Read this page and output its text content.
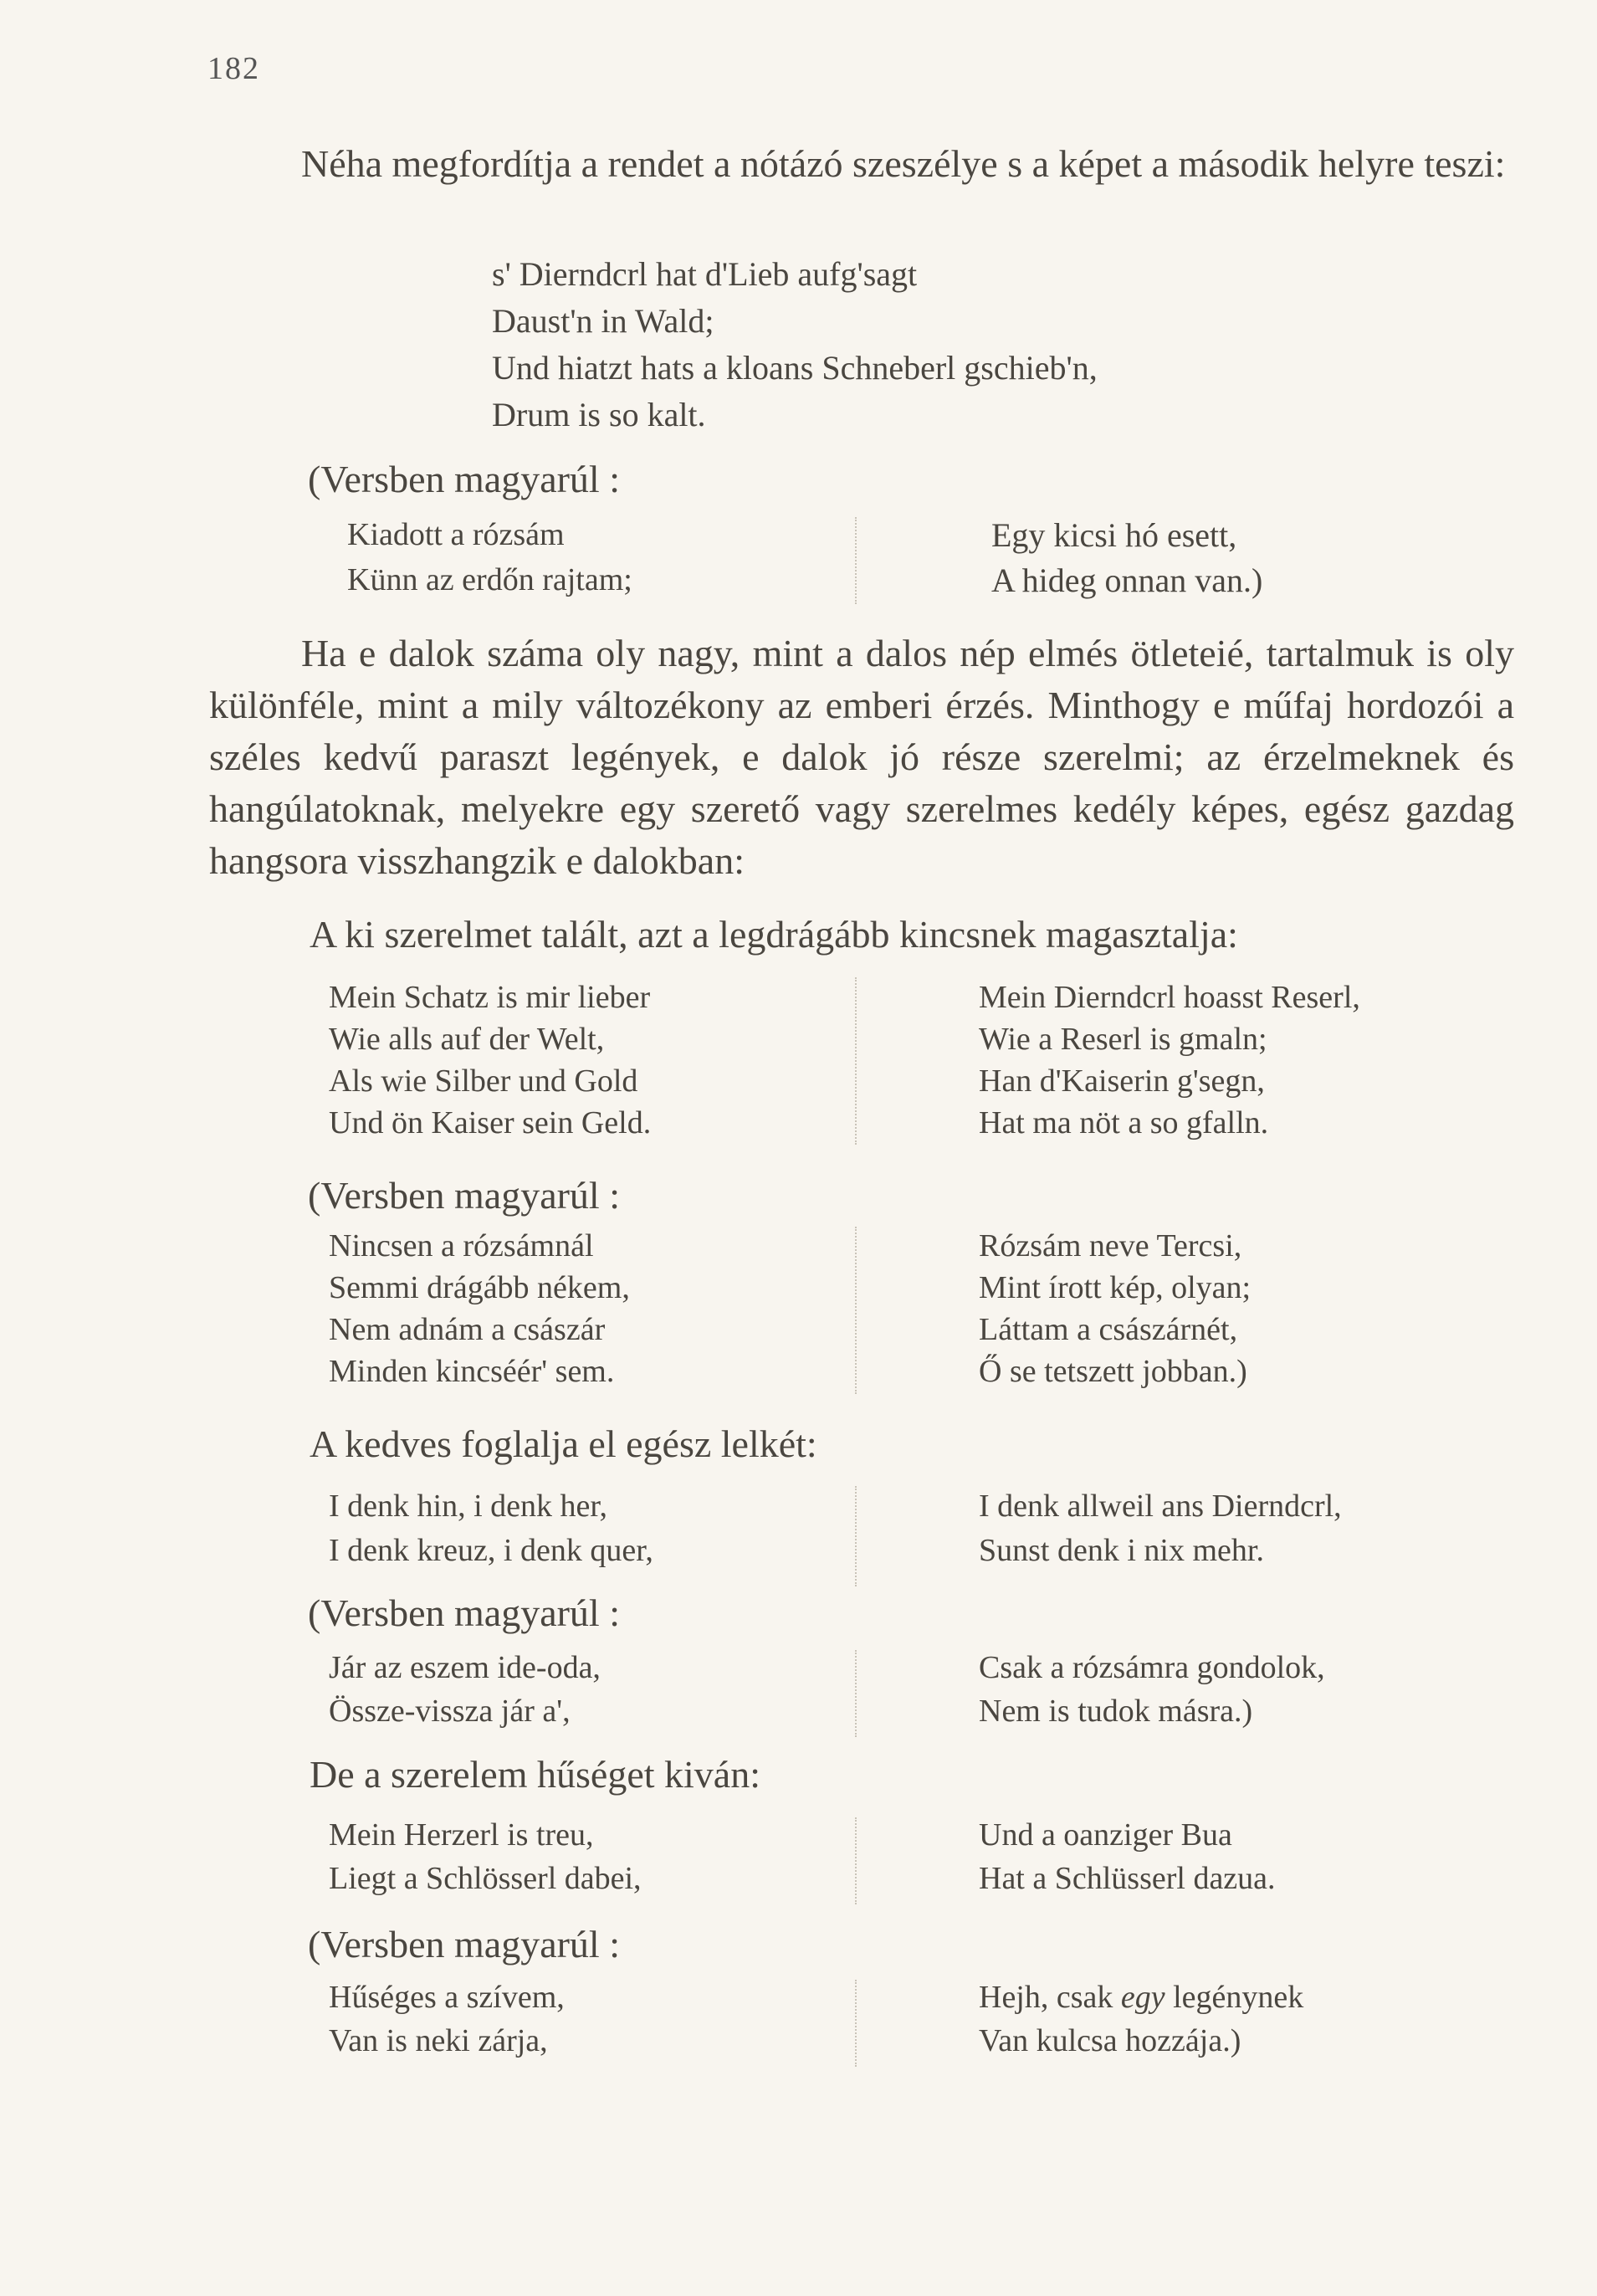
182
Néha megfordítja a rendet a nótázó szeszélye s a képet a második helyre teszi:
s' Dierndcrl hat d'Lieb aufg'sagt
Daust'n in Wald;
Und hiatzt hats a kloans Schneberl gschieb'n,
Drum is so kalt.
(Versben magyarúl :
Kiadott a rózsám
Künn az erdőn rajtam;
Egy kicsi hó esett,
A hideg onnan van.)
Ha e dalok száma oly nagy, mint a dalos nép elmés ötleteié, tartalmuk is oly különféle, mint a mily változékony az emberi érzés. Minthogy e műfaj hordozói a széles kedvű paraszt legények, e dalok jó része szerelmi; az érzelmeknek és hangúlatoknak, melyekre egy szerető vagy szerelmes kedély képes, egész gazdag hangsora visszhangzik e dalokban:
A ki szerelmet talált, azt a legdrágább kincsnek magasztalja:
Mein Schatz is mir lieber
Wie alls auf der Welt,
Als wie Silber und Gold
Und ön Kaiser sein Geld.
Mein Dierndcrl hoasst Reserl,
Wie a Reserl is gmaln;
Han d'Kaiserin g'segn,
Hat ma nöt a so gfalln.
(Versben magyarúl :
Nincsen a rózsámnál
Semmi drágább nékem,
Nem adnám a császár
Minden kincséér' sem.
Rózsám neve Tercsi,
Mint írott kép, olyan;
Láttam a császárnét,
Ő se tetszett jobban.)
A kedves foglalja el egész lelkét:
I denk hin, i denk her,
I denk kreuz, i denk quer,
I denk allweil ans Dierndcrl,
Sunst denk i nix mehr.
(Versben magyarúl :
Jár az eszem ide-oda,
Össze-vissza jár a',
Csak a rózsámra gondolok,
Nem is tudok másra.)
De a szerelem hűséget kiván:
Mein Herzerl is treu,
Liegt a Schlösserl dabei,
Und a oanziger Bua
Hat a Schlüsserl dazua.
(Versben magyarúl :
Hűséges a szívem,
Van is neki zárja,
Hejh, csak egy legénynek
Van kulcsa hozzája.)
